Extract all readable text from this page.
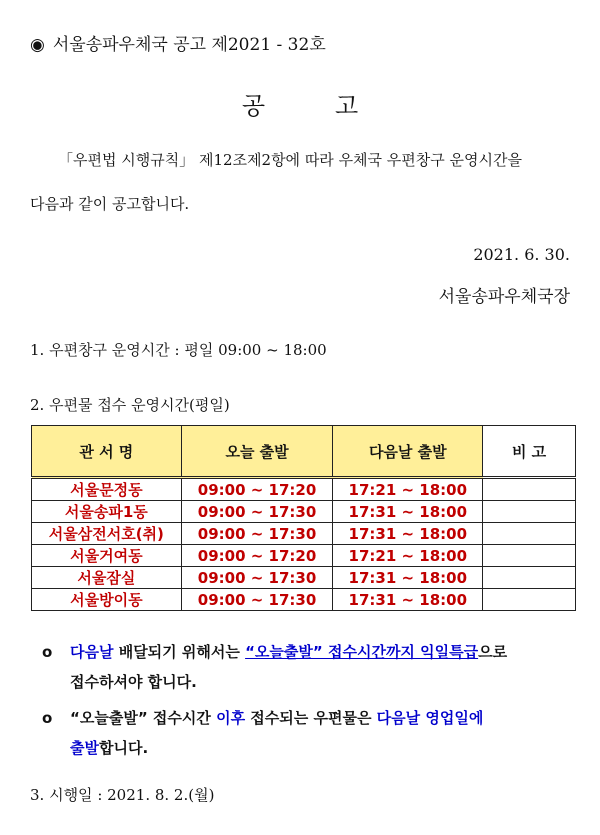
◉ 서울송파우체국 공고 제2021 - 32호
공고
「우편법 시행규칙」 제12조제2항에 따라 우체국 우편창구 운영시간을
다음과 같이 공고합니다.
2021. 6. 30.
서울송파우체국장
1. 우편창구 운영시간 : 평일 09:00 ~ 18:00
2. 우편물 접수 운영시간(평일)
관 서 명	오늘 출발	다음날 출발	비 고
서울문정동	09:00 ~ 17:20	17:21 ~ 18:00	
서울송파1동	09:00 ~ 17:30	17:31 ~ 18:00	
서울삼전서호(취)	09:00 ~ 17:30	17:31 ~ 18:00	
서울거여동	09:00 ~ 17:20	17:21 ~ 18:00	
서울잠실	09:00 ~ 17:30	17:31 ~ 18:00	
서울방이동	09:00 ~ 17:30	17:31 ~ 18:00	
o 다음날 배달되기 위해서는 “오늘출발” 접수시간까지 익일특급으로
접수하셔야 합니다.
o “오늘출발” 접수시간 이후 접수되는 우편물은 다음날 영업일에
출발합니다.
3. 시행일 : 2021. 8. 2.(월)
